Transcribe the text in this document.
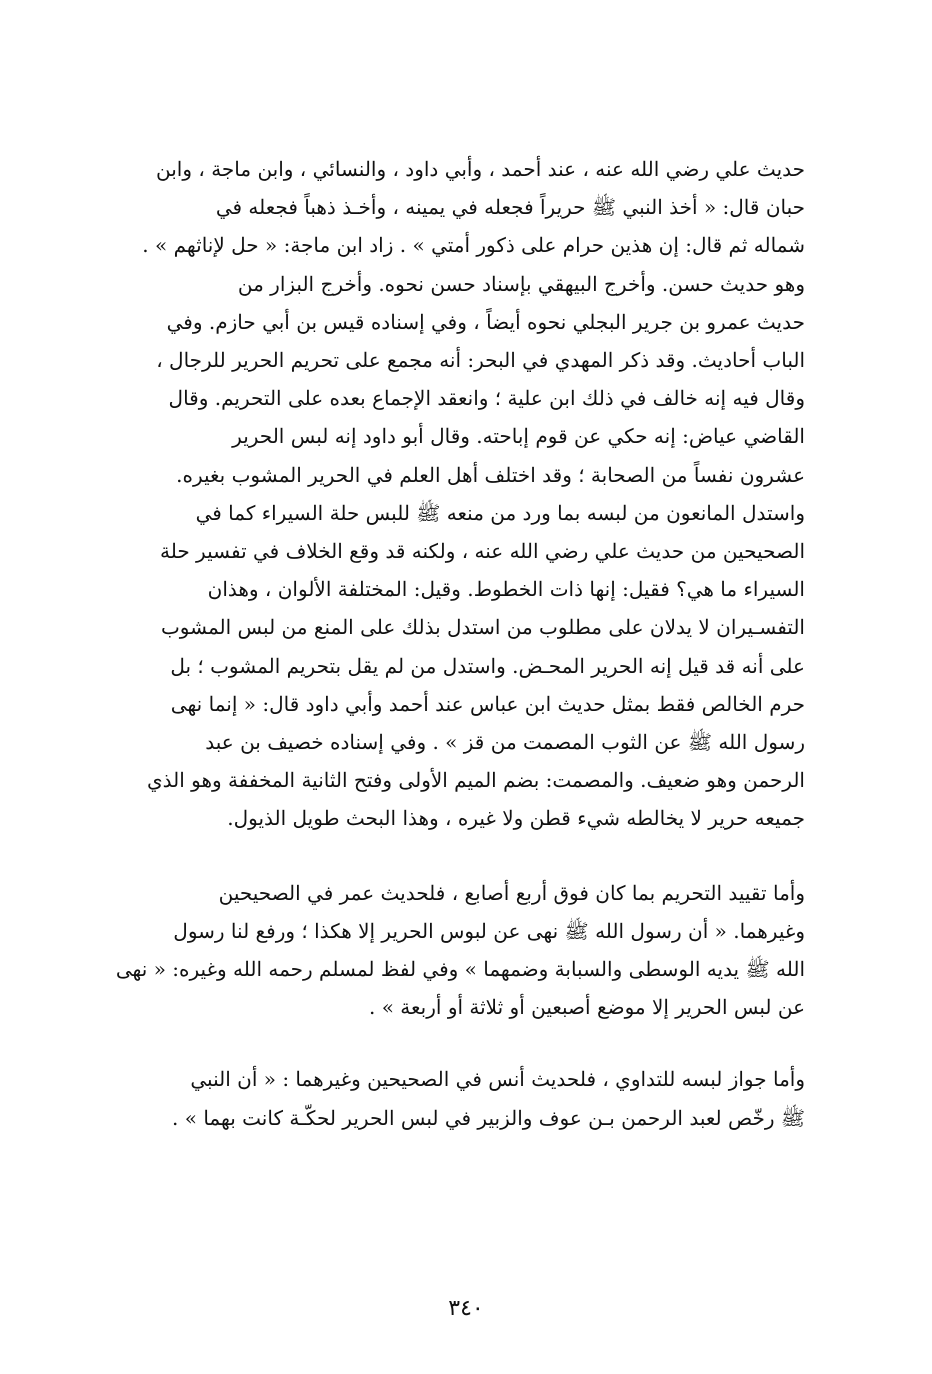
حديث علي رضي الله عنه ، عند أحمد ، وأبي داود ، والنسائي ، وابن ماجة ، وابن

حبان قال: « أخذ النبي ﷺ حريراً فجعله في يمينه ، وأخـذ ذهباً فجعله في

شماله ثم قال: إن هذين حرام على ذكور أمتي » . زاد ابن ماجة: « حل لإناثهم » .

وهو حديث حسن. وأخرج البيهقي بإسناد حسن نحوه. وأخرج البزار من

حديث عمرو بن جرير البجلي نحوه أيضاً ، وفي إسناده قيس بن أبي حازم. وفي

الباب أحاديث. وقد ذكر المهدي في البحر: أنه مجمع على تحريم الحرير للرجال ،

وقال فيه إنه خالف في ذلك ابن علية ؛ وانعقد الإجماع بعده على التحريم. وقال

القاضي عياض: إنه حكي عن قوم إباحته. وقال أبو داود إنه لبس الحرير

عشرون نفساً من الصحابة ؛ وقد اختلف أهل العلم في الحرير المشوب بغيره.

واستدل المانعون من لبسه بما ورد من منعه ﷺ للبس حلة السيراء كما في

الصحيحين من حديث علي رضي الله عنه ، ولكنه قد وقع الخلاف في تفسير حلة

السيراء ما هي؟ فقيل: إنها ذات الخطوط. وقيل: المختلفة الألوان ، وهذان

التفسـيران لا يدلان على مطلوب من استدل بذلك على المنع من لبس المشوب

على أنه قد قيل إنه الحرير المحـض. واستدل من لم يقل بتحريم المشوب ؛ بل

حرم الخالص فقط بمثل حديث ابن عباس عند أحمد وأبي داود قال: « إنما نهى

رسول الله ﷺ عن الثوب المصمت من قز » . وفي إسناده خصيف بن عبد

الرحمن وهو ضعيف. والمصمت: بضم الميم الأولى وفتح الثانية المخففة وهو الذي

جميعه حرير لا يخالطه شيء قطن ولا غيره ، وهذا البحث طويل الذيول.

وأما تقييد التحريم بما كان فوق أربع أصابع ، فلحديث عمر في الصحيحين

وغيرهما. « أن رسول الله ﷺ نهى عن لبوس الحرير إلا هكذا ؛ ورفع لنا رسول

الله ﷺ يديه الوسطى والسبابة وضمهما » وفي لفظ لمسلم رحمه الله وغيره: « نهى

عن لبس الحرير إلا موضع أصبعين أو ثلاثة أو أربعة » .

وأما جواز لبسه للتداوي ، فلحديث أنس في الصحيحين وغيرهما : « أن النبي

ﷺ رخّص لعبد الرحمن بـن عوف والزبير في لبس الحرير لحكّـة كانت بهما » .

٣٤٠
